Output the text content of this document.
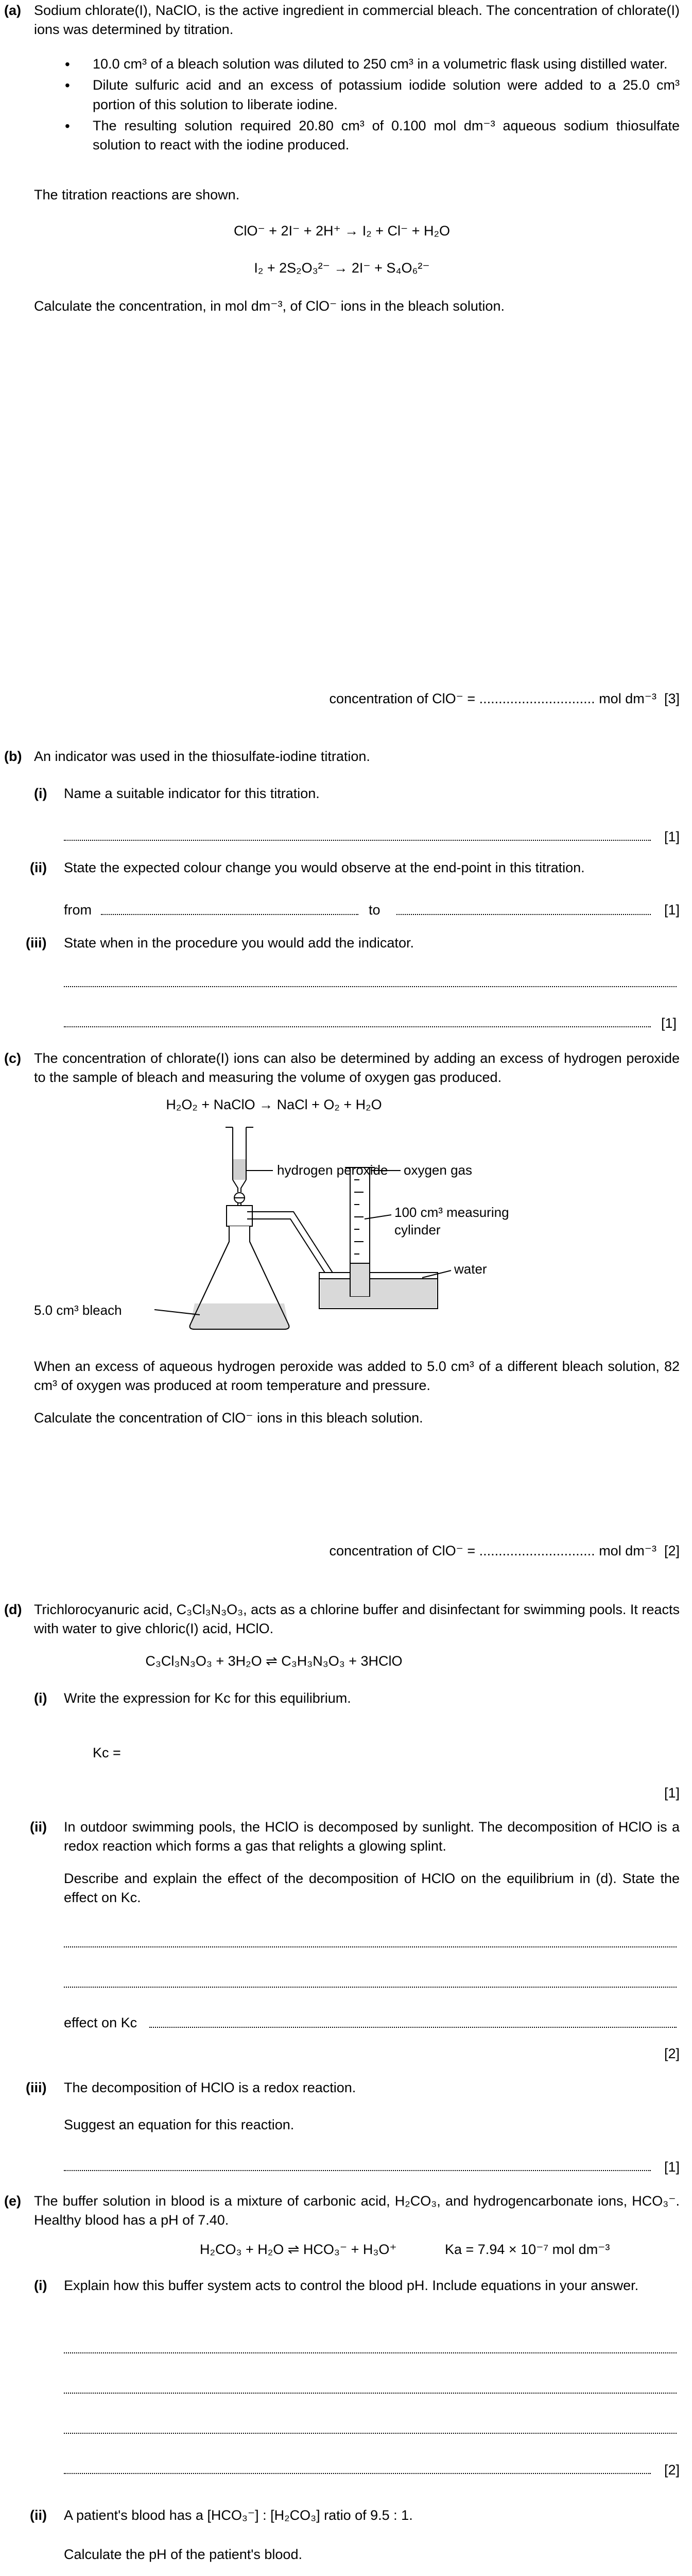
(a) Sodium chlorate(I), NaClO, is the active ingredient in commercial bleach. The concentration of chlorate(I) ions was determined by titration.
• 10.0 cm³ of a bleach solution was diluted to 250 cm³ in a volumetric flask using distilled water.
• Dilute sulfuric acid and an excess of potassium iodide solution were added to a 25.0 cm³ portion of this solution to liberate iodine.
• The resulting solution required 20.80 cm³ of 0.100 mol dm⁻³ aqueous sodium thiosulfate solution to react with the iodine produced.
The titration reactions are shown.
ClO⁻ + 2I⁻ + 2H⁺ → I₂ + Cl⁻ + H₂O
I₂ + 2S₂O₃²⁻ → 2I⁻ + S₄O₆²⁻
Calculate the concentration, in mol dm⁻³, of ClO⁻ ions in the bleach solution.
concentration of ClO⁻ = .............................. mol dm⁻³ [3]
(b) An indicator was used in the thiosulfate-iodine titration.
(i) Name a suitable indicator for this titration.
[1]
(ii) State the expected colour change you would observe at the end-point in this titration.
from	to	[1]
(iii) State when in the procedure you would add the indicator.
[1]
(c) The concentration of chlorate(I) ions can also be determined by adding an excess of hydrogen peroxide to the sample of bleach and measuring the volume of oxygen gas produced.
H₂O₂ + NaClO → NaCl + O₂ + H₂O
hydrogen peroxide oxygen gas
100 cm³ measuring
cylinder
water
5.0 cm³ bleach
When an excess of aqueous hydrogen peroxide was added to 5.0 cm³ of a different bleach solution, 82 cm³ of oxygen was produced at room temperature and pressure.
Calculate the concentration of ClO⁻ ions in this bleach solution.
concentration of ClO⁻ = .............................. mol dm⁻³ [2]
(d) Trichlorocyanuric acid, C₃Cl₃N₃O₃, acts as a chlorine buffer and disinfectant for swimming pools. It reacts with water to give chloric(I) acid, HClO.
C₃Cl₃N₃O₃ + 3H₂O ⇌ C₃H₃N₃O₃ + 3HClO
(i) Write the expression for Kc for this equilibrium.
Kc =
[1]
(ii) In outdoor swimming pools, the HClO is decomposed by sunlight. The decomposition of HClO is a redox reaction which forms a gas that relights a glowing splint.
Describe and explain the effect of the decomposition of HClO on the equilibrium in (d). State the effect on Kc.
effect on Kc
[2]
(iii) The decomposition of HClO is a redox reaction.
Suggest an equation for this reaction.
[1]
(e) The buffer solution in blood is a mixture of carbonic acid, H₂CO₃, and hydrogencarbonate ions, HCO₃⁻. Healthy blood has a pH of 7.40.
H₂CO₃ + H₂O ⇌ HCO₃⁻ + H₃O⁺	Ka = 7.94 × 10⁻⁷ mol dm⁻³
(i) Explain how this buffer system acts to control the blood pH. Include equations in your answer.
[2]
(ii) A patient's blood has a [HCO₃⁻] : [H₂CO₃] ratio of 9.5 : 1.
Calculate the pH of the patient's blood.
